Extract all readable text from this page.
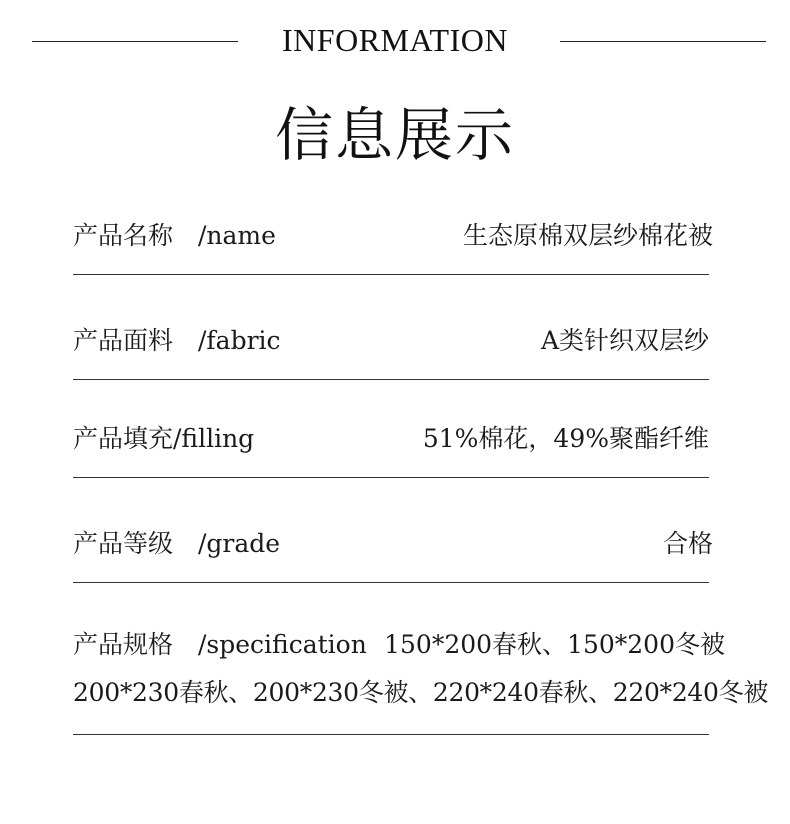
INFORMATION
信息展示
产品名称　/name	生态原棉双层纱棉花被
产品面料　/fabric	A类针织双层纱
产品填充/filling	51%棉花，49%聚酯纤维
产品等级　/grade	合格
产品规格　/specification 150*200春秋、150*200冬被
200*230春秋、200*230冬被、220*240春秋、220*240冬被
